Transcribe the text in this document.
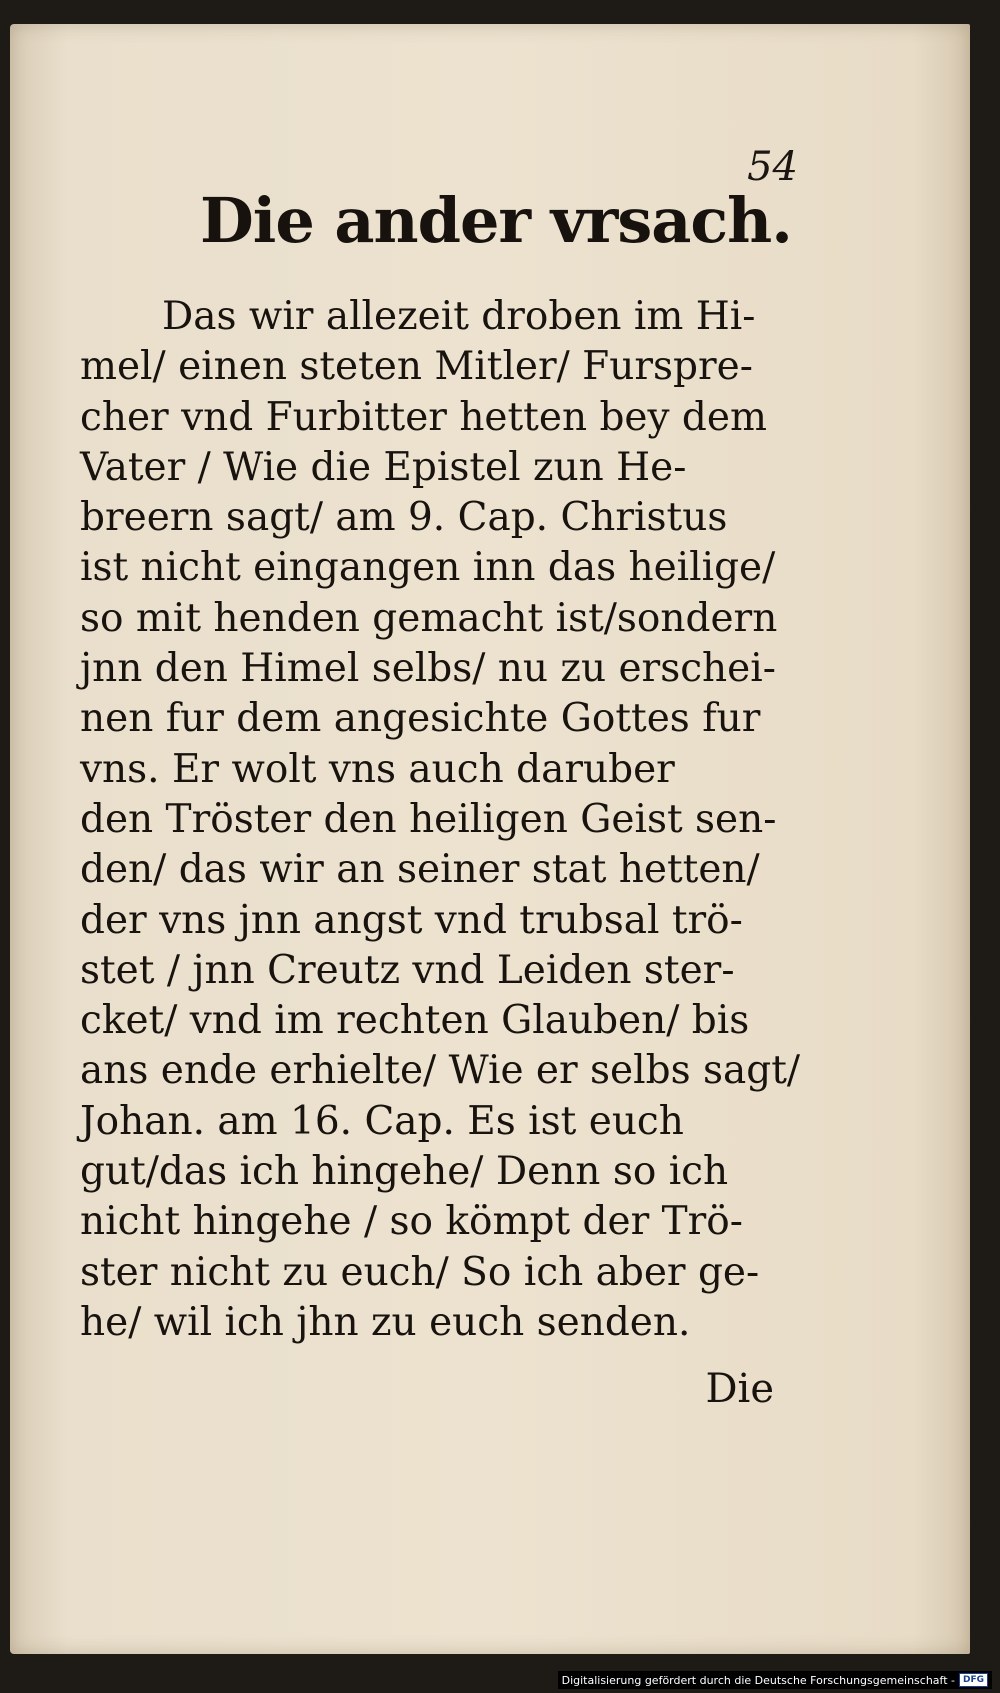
54
Die ander vrsach.
Das wir allezeit droben im Hi-
mel/ einen steten Mitler/ Fursprе-
cher vnd Furbitter hetten bey dem
Vater / Wie die Epistel zun He-
breern sagt/ am 9. Cap. Christus
ist nicht eingangen inn das heilige/
so mit henden gemacht ist/sondern
jnn den Himel selbs/ nu zu erschei-
nen fur dem angesichte Gottes fur
vns. Er wolt vns auch daruber
den Tröster den heiligen Geist sen-
den/ das wir an seiner stat hetten/
der vns jnn angst vnd trubsal trö-
stet / jnn Creutz vnd Leiden ster-
cket/ vnd im rechten Glauben/ bis
ans ende erhielte/ Wie er selbs sagt/
Johan. am 16. Cap. Es ist euch
gut/das ich hingehe/ Denn so ich
nicht hingehe / so kömpt der Trö-
ster nicht zu euch/ So ich aber ge-
he/ wil ich jhn zu euch senden.
Die
Digitalisierung gefördert durch die Deutsche Forschungsgemeinschaft - DFG
